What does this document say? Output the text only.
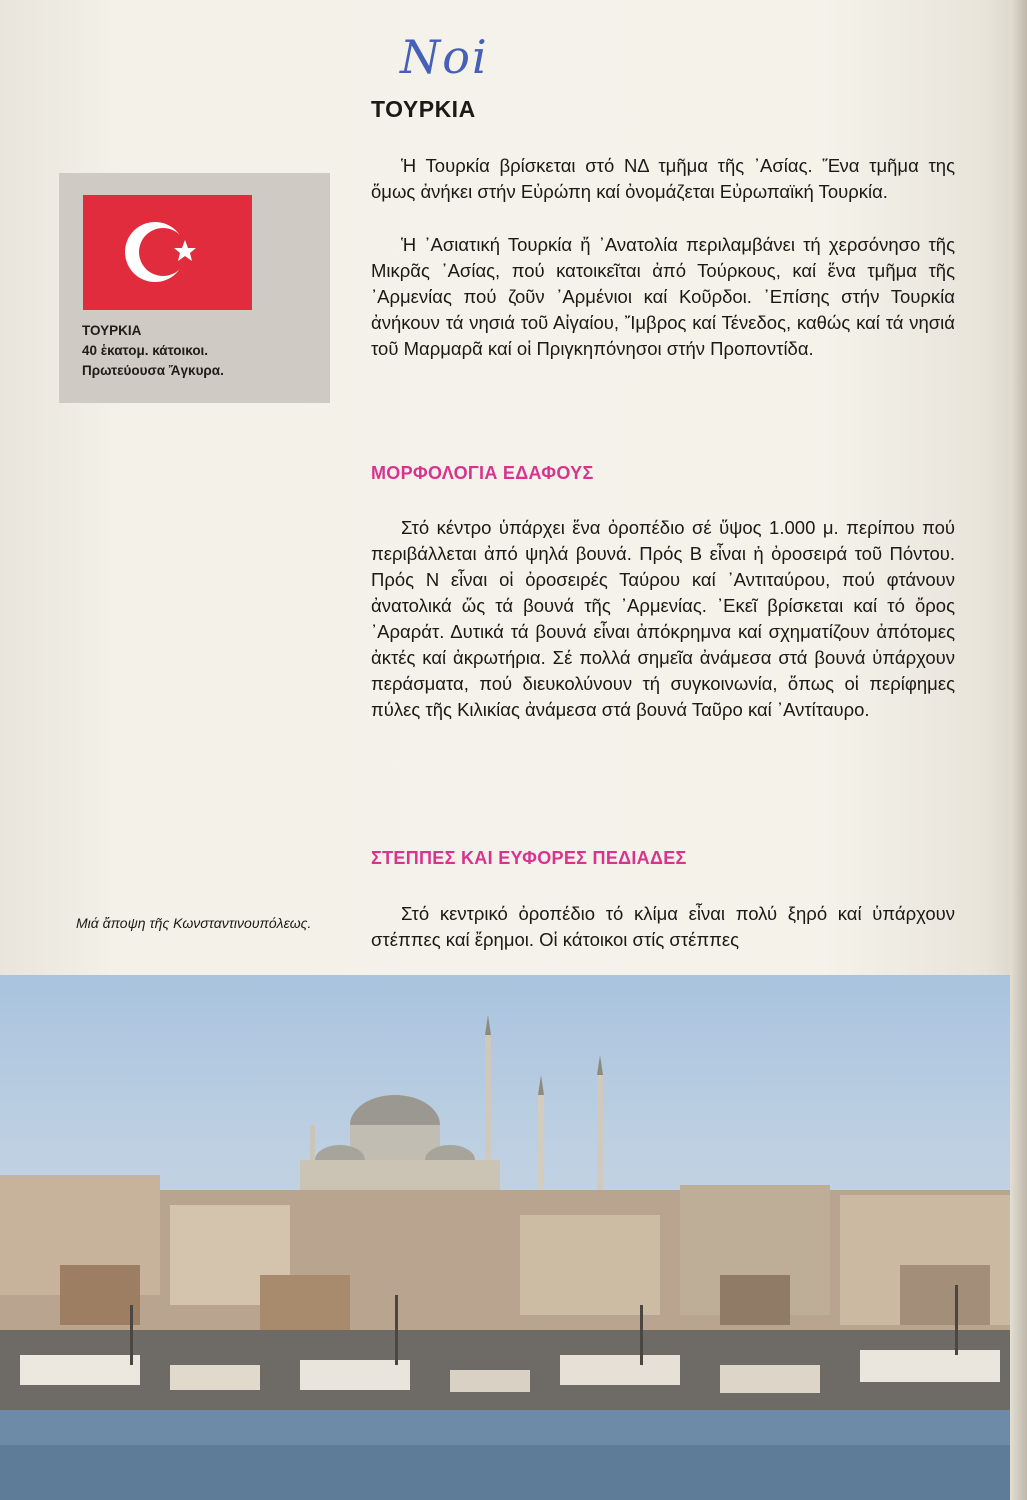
Noi
ΤΟΥΡΚΙΑ

Ἡ Τουρκία βρίσκεται στό ΝΔ τμῆμα τῆς ᾿Ασίας. Ἕνα τμῆμα της ὅμως ἀνήκει στήν Εὐρώπη καί ὀνομάζεται Εὐρωπαϊκή Τουρκία.

Ἡ ᾿Ασιατική Τουρκία ἤ ᾿Ανατολία περιλαμβάνει τή χερσόνησο τῆς Μικρᾶς ᾿Ασίας, πού κατοικεῖται ἀπό Τούρκους, καί ἕνα τμῆμα τῆς ᾿Αρμενίας πού ζοῦν ᾿Αρμένιοι καί Κοῦρδοι. ᾿Επίσης στήν Τουρκία ἀνήκουν τά νησιά τοῦ Αἰγαίου, Ἴμβρος καί Τένεδος, καθώς καί τά νησιά τοῦ Μαρμαρᾶ καί οἱ Πριγκηπόνησοι στήν Προποντίδα.

ΤΟΥΡΚΙΑ
40 ἑκατομ. κάτοικοι.
Πρωτεύουσα Ἄγκυρα.

ΜΟΡΦΟΛΟΓΙΑ ΕΔΑΦΟΥΣ

Στό κέντρο ὑπάρχει ἕνα ὀροπέδιο σέ ὕψος 1.000 μ. περίπου πού περιβάλλεται ἀπό ψηλά βουνά. Πρός Β εἶναι ἡ ὀροσειρά τοῦ Πόντου. Πρός Ν εἶναι οἱ ὀροσειρές Ταύρου καί ᾿Αντιταύρου, πού φτάνουν ἀνατολικά ὥς τά βουνά τῆς ᾿Αρμενίας. ᾿Εκεῖ βρίσκεται καί τό ὄρος ᾿Αραράτ. Δυτικά τά βουνά εἶναι ἀπόκρημνα καί σχηματίζουν ἀπότομες ἀκτές καί ἀκρωτήρια. Σέ πολλά σημεῖα ἀνάμεσα στά βουνά ὑπάρχουν περάσματα, πού διευκολύνουν τή συγκοινωνία, ὅπως οἱ περίφημες πύλες τῆς Κιλικίας ἀνάμεσα στά βουνά Ταῦρο καί ᾿Αντίταυρο.

ΣΤΕΠΠΕΣ ΚΑΙ ΕΥΦΟΡΕΣ ΠΕΔΙΑΔΕΣ

Στό κεντρικό ὀροπέδιο τό κλίμα εἶναι πολύ ξηρό καί ὑπάρχουν στέππες καί ἔρημοι. Οἱ κάτοικοι στίς στέππες

Μιά ἄποψη τῆς Κωνσταντινουπόλεως.
